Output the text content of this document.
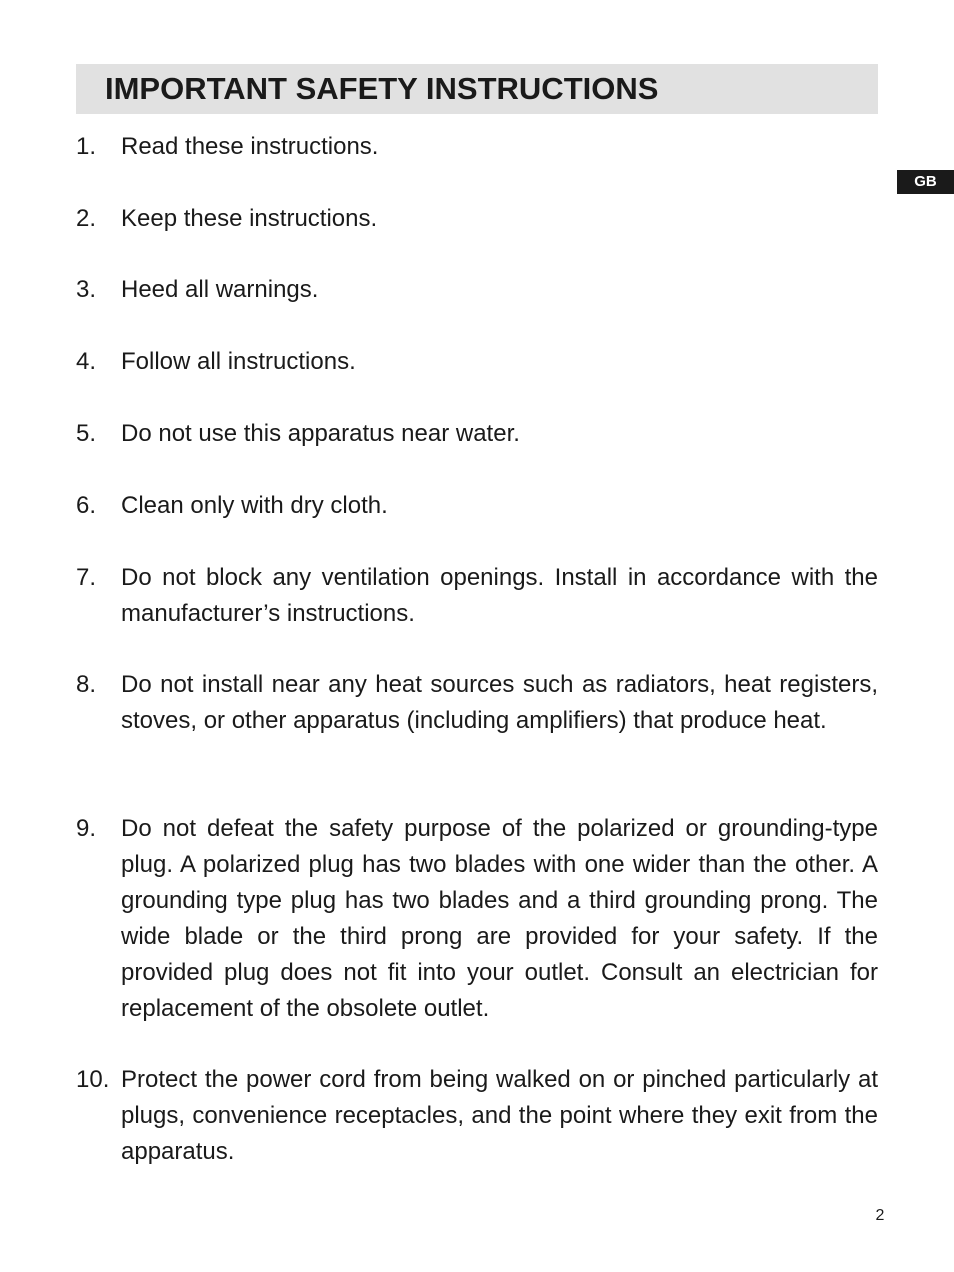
IMPORTANT SAFETY INSTRUCTIONS
GB
1. Read these instructions.
2. Keep these instructions.
3. Heed all warnings.
4. Follow all instructions.
5. Do not use this apparatus near water.
6. Clean only with dry cloth.
7. Do not block any ventilation openings. Install in accordance with the manufacturer’s instructions.
8. Do not install near any heat sources such as radiators, heat registers, stoves, or other apparatus (including amplifiers) that produce heat.
9. Do not defeat the safety purpose of the polarized or grounding-type plug. A polarized plug has two blades with one wider than the other. A grounding type plug has two blades and a third grounding prong. The wide blade or the third prong are provided for your safety. If the provided plug does not fit into your outlet. Consult an electrician for replacement of the obsolete outlet.
10. Protect the power cord from being walked on or pinched particularly at plugs, convenience receptacles, and the point where they exit from the apparatus.
2
